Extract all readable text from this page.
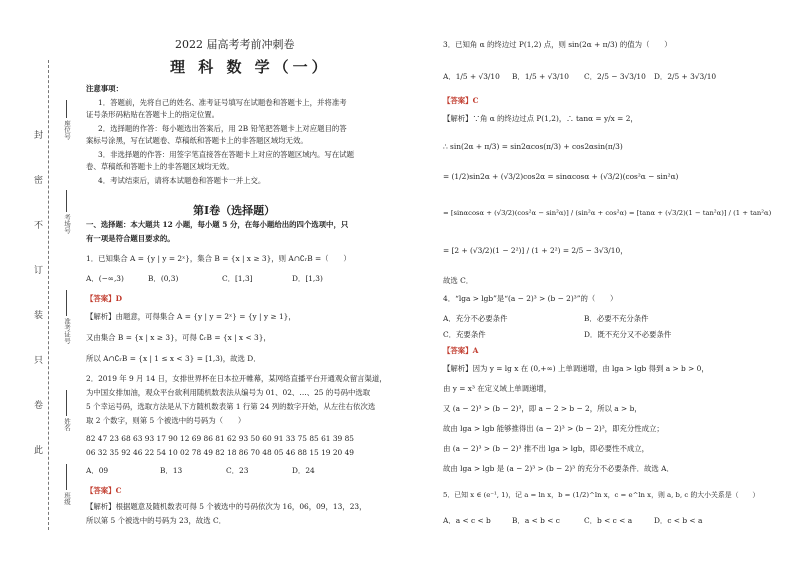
封
密
不
订
装
只
卷
此
座位号
考场号
准考证号
姓名
班级
2022 届高考考前冲刺卷
理 科 数 学（一）
注意事项：
1．答题前，先将自己的姓名、准考证号填写在试题卷和答题卡上，并将准考
证号条形码粘贴在答题卡上的指定位置。
2．选择题的作答：每小题选出答案后，用 2B 铅笔把答题卡上对应题目的答
案标号涂黑，写在试题卷、草稿纸和答题卡上的非答题区域均无效。
3．非选择题的作答：用签字笔直接答在答题卡上对应的答题区域内。写在试题
卷、草稿纸和答题卡上的非答题区域均无效。
4．考试结束后，请将本试题卷和答题卡一并上交。
第Ⅰ卷（选择题）
一、选择题：本大题共 12 小题，每小题 5 分，在每小题给出的四个选项中，只
有一项是符合题目要求的。
1．已知集合 A = {y | y = 2ˣ}，集合 B = {x | x ≥ 3}，则 A∩∁ᵣB =（　　）
A．(−∞,3)	B．(0,3)	C．[1,3]	D．[1,3)
【答案】D
【解析】由题意，可得集合 A = {y | y = 2ˣ} = {y | y ≥ 1}，
又由集合 B = {x | x ≥ 3}，可得 ∁ᵣB = {x | x < 3}，
所以 A∩∁ᵣB = {x | 1 ≤ x < 3} = [1,3)，故选 D．
2．2019 年 9 月 14 日，女排世界杯在日本拉开帷幕，某网络直播平台开通观众留言渠道，
为中国女排加油，观众平台欲利用随机数表法从编号为 01、02、…、25 的号码中选取
5 个幸运号码，选取方法是从下方随机数表第 1 行第 24 列的数字开始，从左往右依次选
取 2 个数字，则第 5 个被选中的号码为（　　）
82 47 23 68 63 93 17 90 12 69 86 81 62 93 50 60 91 33 75 85 61 39 85
06 32 35 92 46 22 54 10 02 78 49 82 18 86 70 48 05 46 88 15 19 20 49
A．09	B．13	C．23	D．24
【答案】C
【解析】根据题意及随机数表可得 5 个被选中的号码依次为 16，06，09，13，23，
所以第 5 个被选中的号码为 23，故选 C．
3．已知角 α 的终边过 P(1,2) 点，则 sin(2α + π/3) 的值为（　　）
A．1/5 + √3/10 B．1/5 + √3/10 C．2/5 − 3√3/10 D．2/5 + 3√3/10
【答案】C
【解析】∵角 α 的终边过点 P(1,2)，∴ tanα = y/x = 2，
∴ sin(2α + π/3) = sin2αcos(π/3) + cos2αsin(π/3)
= (1/2)sin2α + (√3/2)cos2α = sinαcosα + (√3/2)(cos²α − sin²α)
= [sinαcosα + (√3/2)(cos²α − sin²α)] / (sin²α + cos²α) = [tanα + (√3/2)(1 − tan²α)] / (1 + tan²α)
= [2 + (√3/2)(1 − 2²)] / (1 + 2²) = 2/5 − 3√3/10，
故选 C．
4．“lga > lgb”是“(a − 2)³ > (b − 2)³”的（　　）
A．充分不必要条件	B．必要不充分条件
C．充要条件	D．既不充分又不必要条件
【答案】A
【解析】因为 y = lg x 在 (0,+∞) 上单调递增，由 lga > lgb 得到 a > b > 0，
由 y = x³ 在定义域上单调递增，
又 (a − 2)³ > (b − 2)³，即 a − 2 > b − 2，所以 a > b，
故由 lga > lgb 能够推得出 (a − 2)³ > (b − 2)³，即充分性成立；
由 (a − 2)³ > (b − 2)³ 推不出 lga > lgb，即必要性不成立，
故由 lga > lgb 是 (a − 2)³ > (b − 2)³ 的充分不必要条件．故选 A．
5．已知 x ∈ (e⁻¹, 1)，记 a = ln x，b = (1/2)^ln x，c = e^ln x，则 a, b, c 的大小关系是（　　）
A．a < c < b	B．a < b < c	C．b < c < a	D．c < b < a
